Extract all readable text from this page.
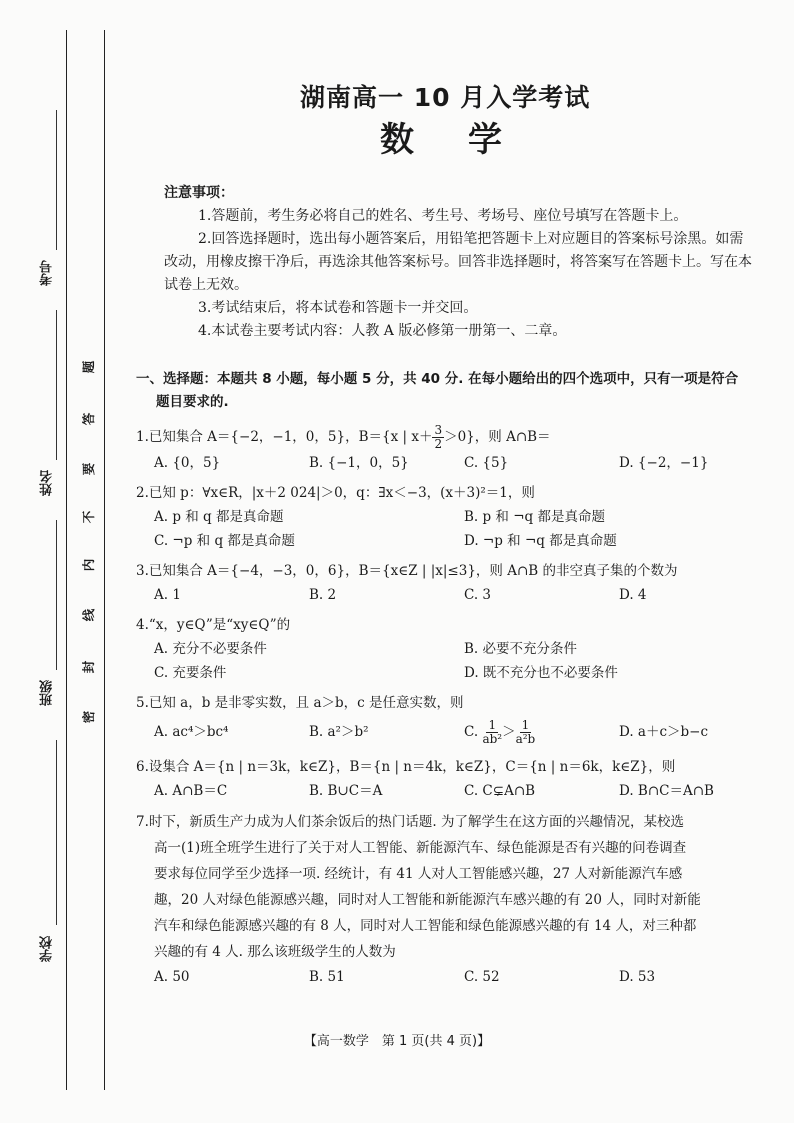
考号
姓名
班级
学校
密
封
线
内
不
要
答
题
湖南高一 10 月入学考试
数学

注意事项：

1.答题前，考生务必将自己的姓名、考生号、考场号、座位号填写在答题卡上。

2.回答选择题时，选出每小题答案后，用铅笔把答题卡上对应题目的答案标号涂黑。如需改动，用橡皮擦干净后，再选涂其他答案标号。回答非选择题时，将答案写在答题卡上。写在本试卷上无效。

3.考试结束后，将本试卷和答题卡一并交回。

4.本试卷主要考试内容：人教 A 版必修第一册第一、二章。

一、选择题：本题共 8 小题，每小题 5 分，共 40 分. 在每小题给出的四个选项中，只有一项是符合
题目要求的.
1.已知集合 A＝{−2，−1，0，5}，B＝{x | $x+ \frac{3}{2} >0$}，则 A∩B＝
A. {0，5}	B. {−1，0，5}	C. {5}	D. {−2，−1}
2.已知 p：∀x∈R，|x＋2 024|＞0，q：∃x＜−3，(x＋3)²＝1，则
A. p 和 q 都是真命题	B. p 和 ¬q 都是真命题
C. ¬p 和 q 都是真命题	D. ¬p 和 ¬q 都是真命题
3.已知集合 A＝{−4，−3，0，6}，B＝{x∈Z | |x|≤3}，则 A∩B 的非空真子集的个数为
A. 1	B. 2	C. 3	D. 4
4.“x，y∈Q”是“xy∈Q”的
A. 充分不必要条件	B. 必要不充分条件
C. 充要条件	D. 既不充分也不必要条件
5.已知 a，b 是非零实数，且 a＞b，c 是任意实数，则
A. ac⁴＞bc⁴	B. a²＞b²	C. $\frac{1}{\text{ab²}} > \frac{1}{\text{a²b}}$	D. a＋c＞b−c
6.设集合 A＝{n | n＝3k，k∈Z}，B＝{n | n＝4k，k∈Z}，C＝{n | n＝6k，k∈Z}，则
A. A∩B＝C	B. B∪C＝A	C. C⊊A∩B	D. B∩C＝A∩B
7.时下，新质生产力成为人们茶余饭后的热门话题. 为了解学生在这方面的兴趣情况，某校选
高一(1)班全班学生进行了关于对人工智能、新能源汽车、绿色能源是否有兴趣的问卷调查
要求每位同学至少选择一项. 经统计，有 41 人对人工智能感兴趣，27 人对新能源汽车感
趣，20 人对绿色能源感兴趣，同时对人工智能和新能源汽车感兴趣的有 20 人，同时对新能
汽车和绿色能源感兴趣的有 8 人，同时对人工智能和绿色能源感兴趣的有 14 人，对三种都
兴趣的有 4 人. 那么该班级学生的人数为
A. 50	B. 51	C. 52	D. 53
【高一数学　第 1 页(共 4 页)】
